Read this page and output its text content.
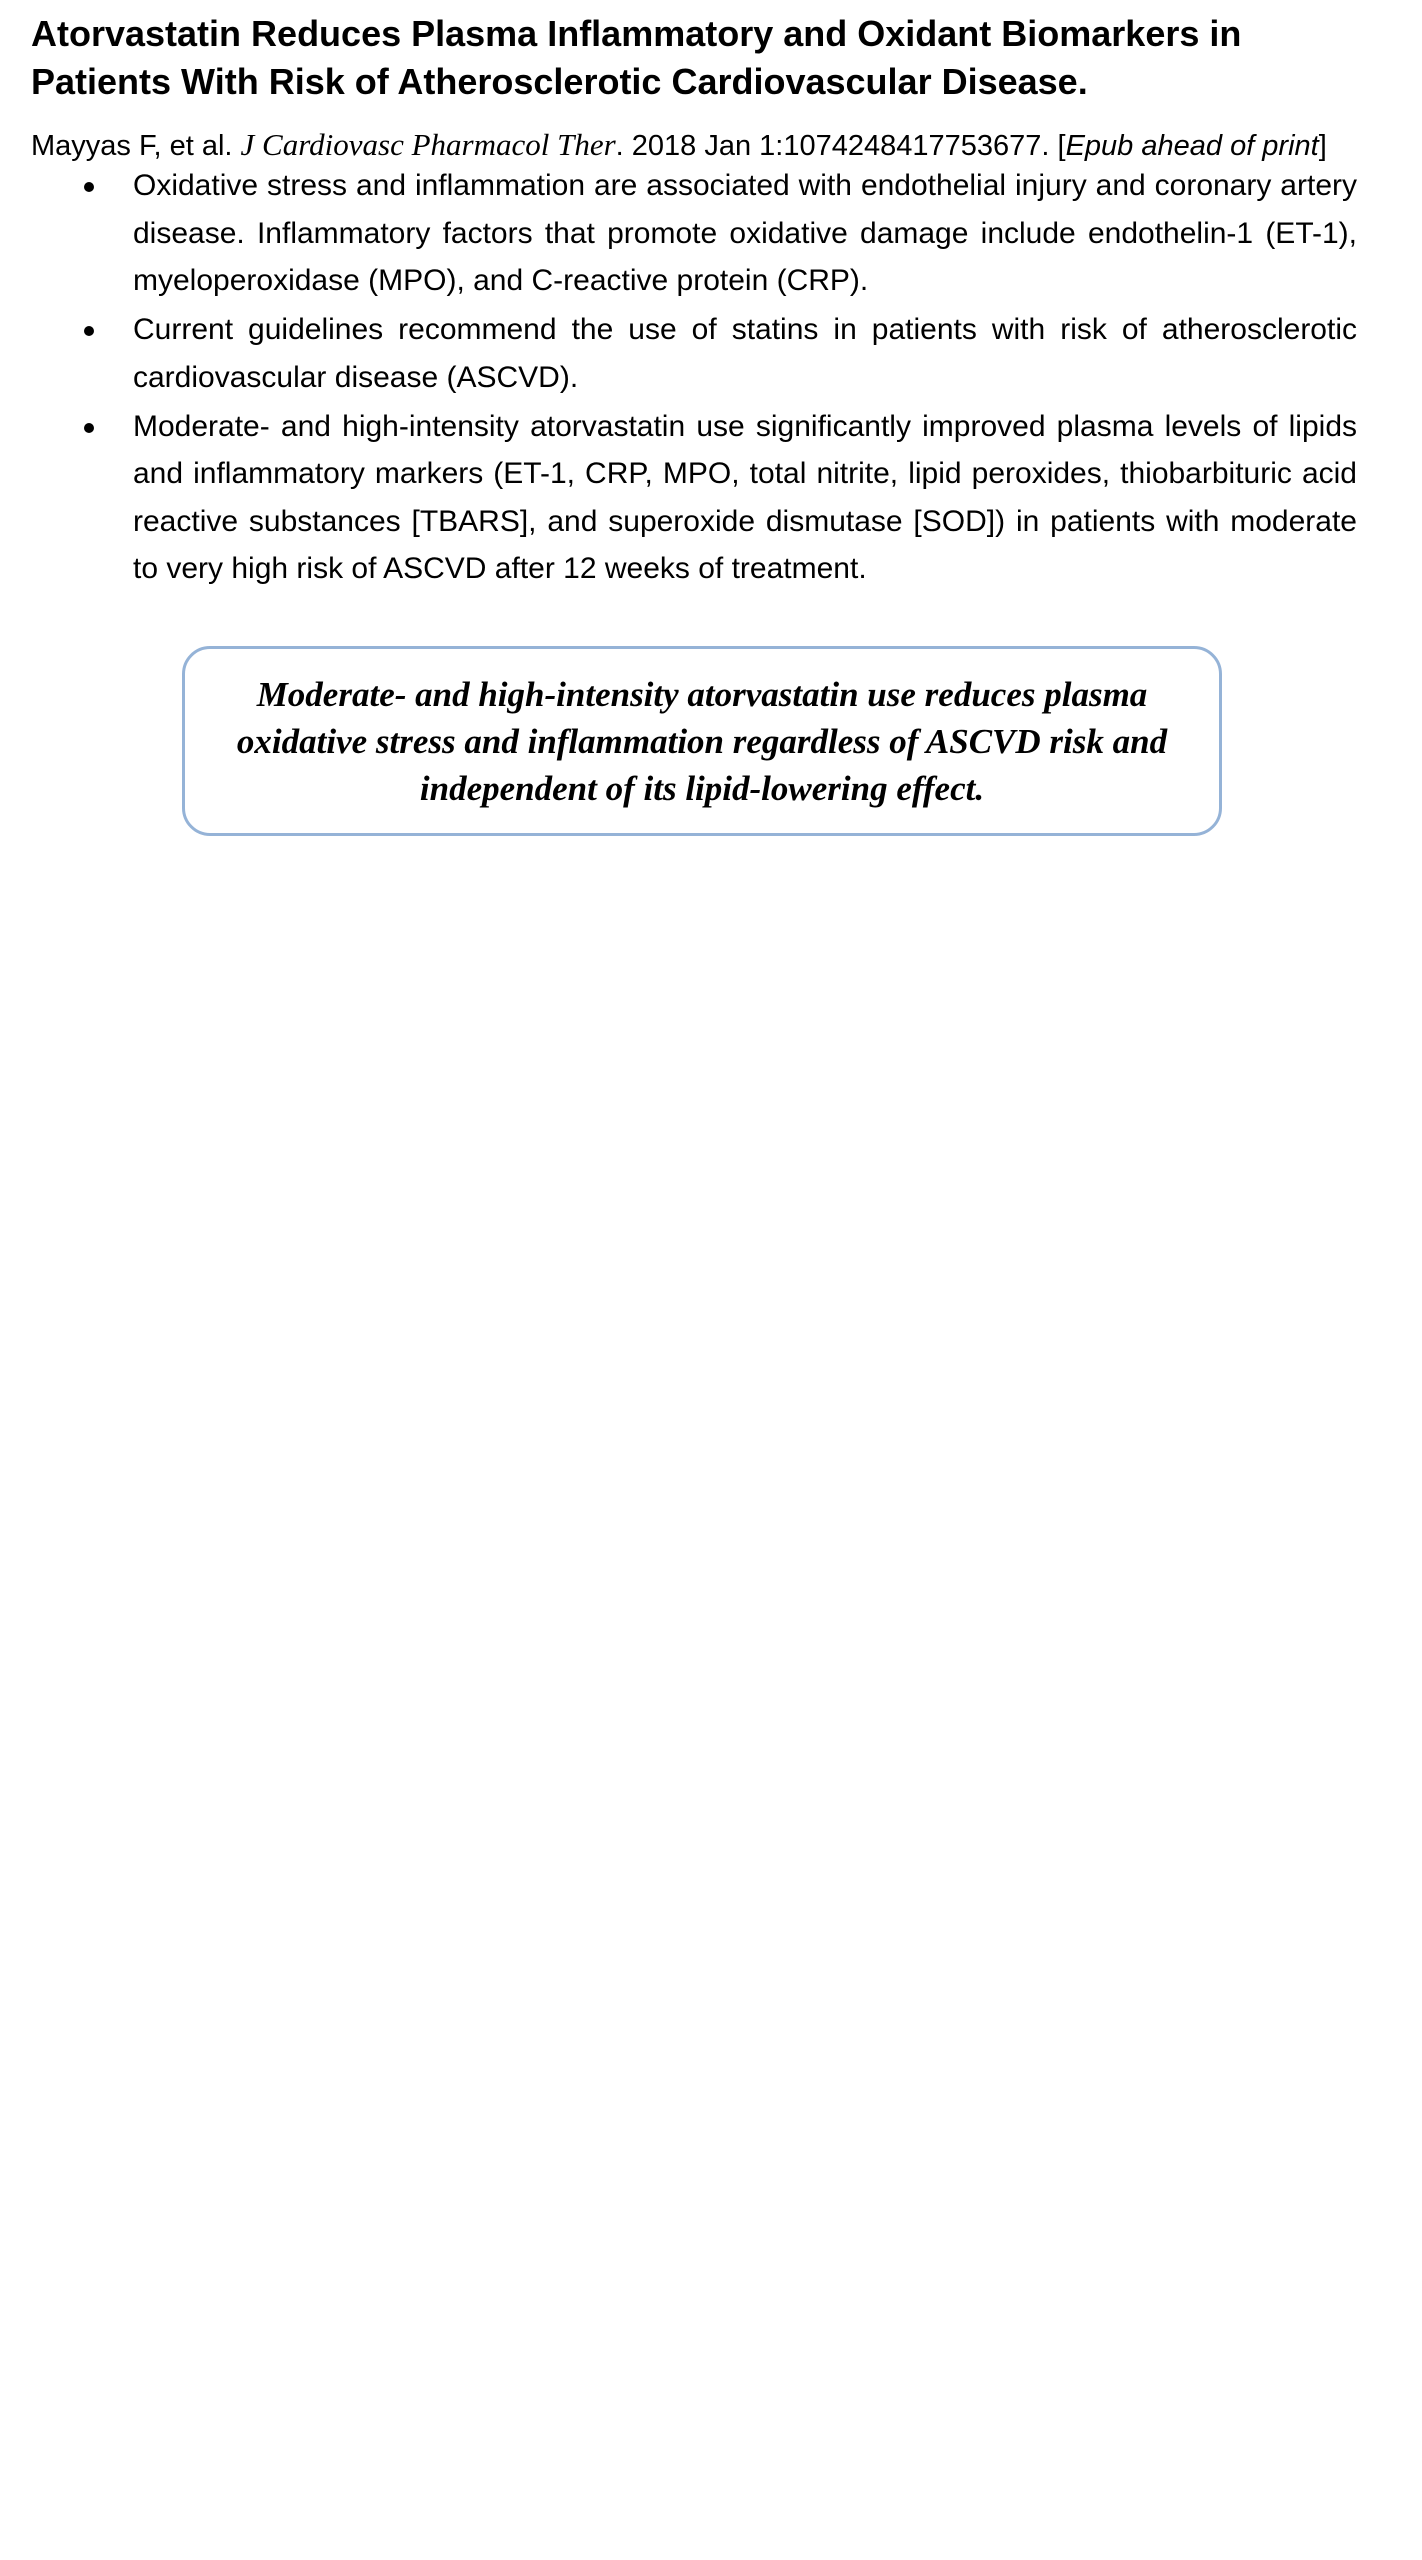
Atorvastatin Reduces Plasma Inflammatory and Oxidant Biomarkers in Patients With Risk of Atherosclerotic Cardiovascular Disease.
Mayyas F, et al. J Cardiovasc Pharmacol Ther. 2018 Jan 1:1074248417753677. [Epub ahead of print]
Oxidative stress and inflammation are associated with endothelial injury and coronary artery disease. Inflammatory factors that promote oxidative damage include endothelin-1 (ET-1), myeloperoxidase (MPO), and C-reactive protein (CRP).
Current guidelines recommend the use of statins in patients with risk of atherosclerotic cardiovascular disease (ASCVD).
Moderate- and high-intensity atorvastatin use significantly improved plasma levels of lipids and inflammatory markers (ET-1, CRP, MPO, total nitrite, lipid peroxides, thiobarbituric acid reactive substances [TBARS], and superoxide dismutase [SOD]) in patients with moderate to very high risk of ASCVD after 12 weeks of treatment.

Moderate- and high-intensity atorvastatin use reduces plasma oxidative stress and inflammation regardless of ASCVD risk and independent of its lipid-lowering effect.
